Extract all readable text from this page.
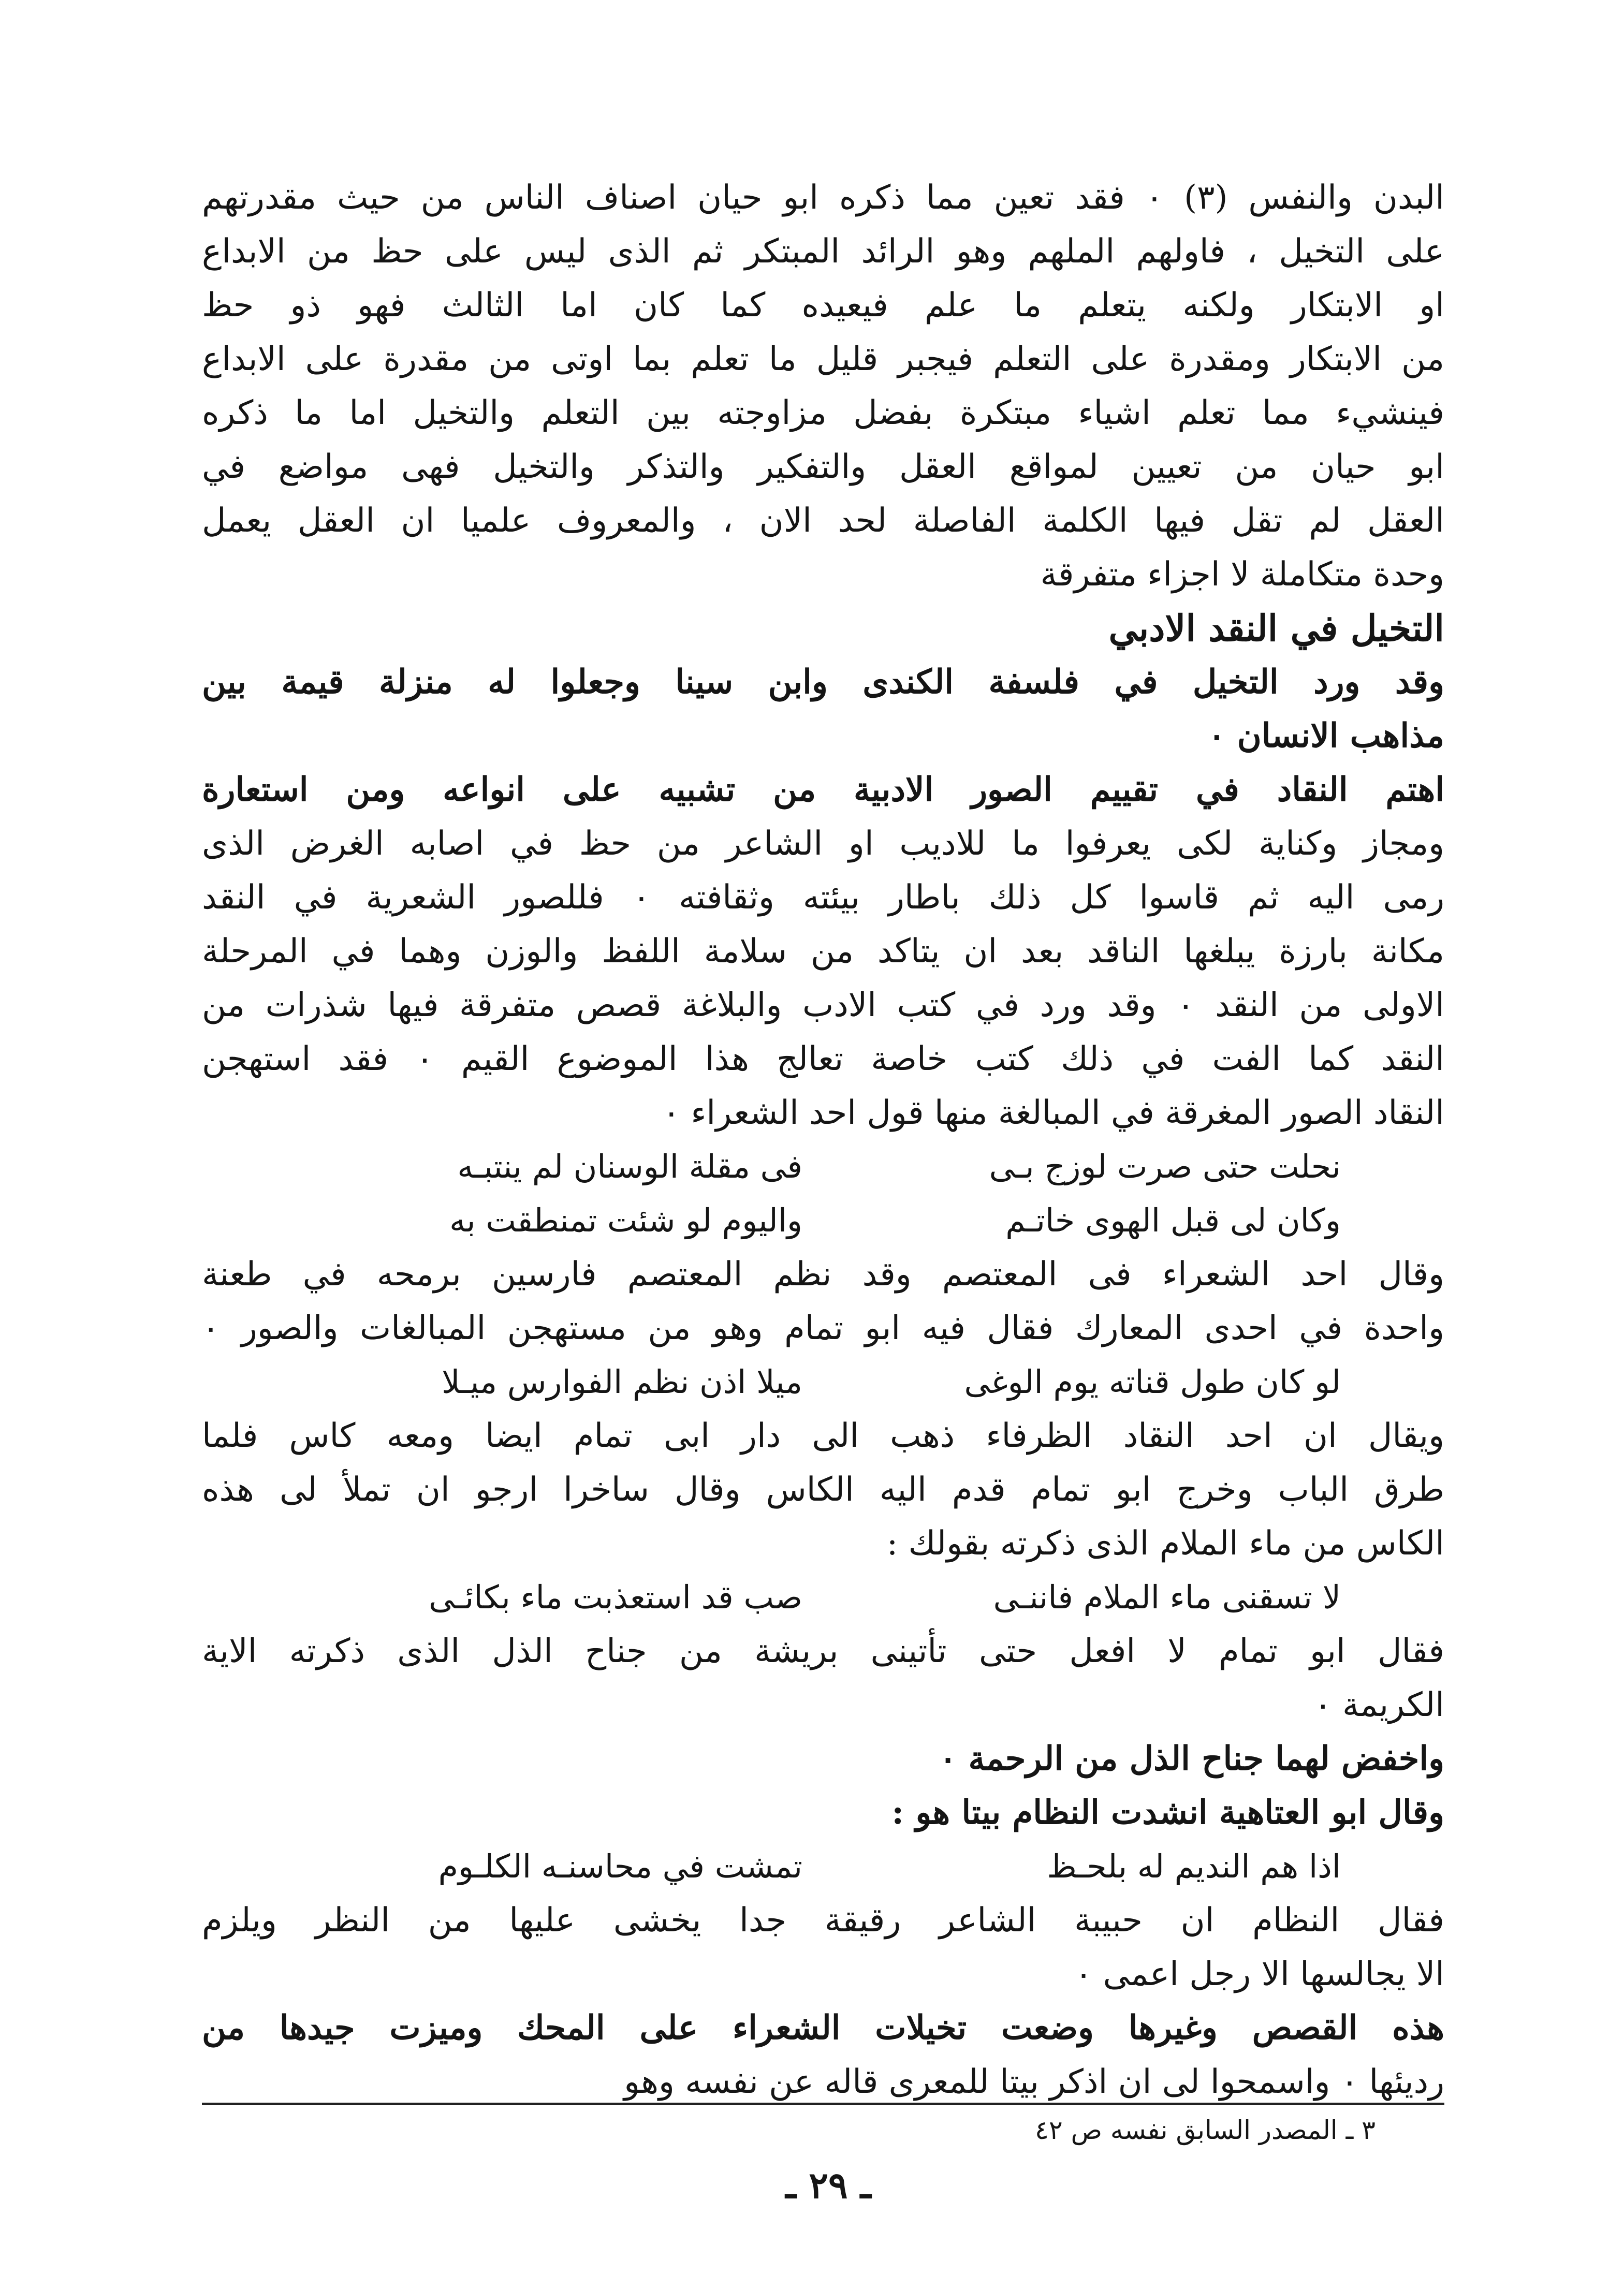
البدن والنفس (٣) ٠ فقد تعين مما ذكره ابو حيان اصناف الناس من حيث مقدرتهم
على التخيل ، فاولهم الملهم وهو الرائد المبتكر ثم الذى ليس على حظ من الابداع
او الابتكار ولكنه يتعلم ما علم فيعيده كما كان اما الثالث فهو ذو حظ
من الابتكار ومقدرة على التعلم فيجبر قليل ما تعلم بما اوتى من مقدرة على الابداع
فينشيء مما تعلم اشياء مبتكرة بفضل مزاوجته بين التعلم والتخيل اما ما ذكره
ابو حيان من تعيين لمواقع العقل والتفكير والتذكر والتخيل فهى مواضع في
العقل لم تقل فيها الكلمة الفاصلة لحد الان ، والمعروف علميا ان العقل يعمل
وحدة متكاملة لا اجزاء متفرقة
التخيل في النقد الادبي
وقد ورد التخيل في فلسفة الكندى وابن سينا وجعلوا له منزلة قيمة بين
مذاهب الانسان ٠
اهتم النقاد في تقييم الصور الادبية من تشبيه على انواعه ومن استعارة
ومجاز وكناية لكى يعرفوا ما للاديب او الشاعر من حظ في اصابه الغرض الذى
رمى اليه ثم قاسوا كل ذلك باطار بيئته وثقافته ٠ فللصور الشعرية في النقد
مكانة بارزة يبلغها الناقد بعد ان يتاكد من سلامة اللفظ والوزن وهما في المرحلة
الاولى من النقد ٠ وقد ورد في كتب الادب والبلاغة قصص متفرقة فيها شذرات من
النقد كما الفت في ذلك كتب خاصة تعالج هذا الموضوع القيم ٠ فقد استهجن
النقاد الصور المغرقة في المبالغة منها قول احد الشعراء ٠
نحلت حتى صرت لوزج بـى
فى مقلة الوسنان لم ينتبـه
وكان لى قبل الهوى خاتـم
واليوم لو شئت تمنطقت به
وقال احد الشعراء فى المعتصم وقد نظم المعتصم فارسين برمحه في طعنة
واحدة في احدى المعارك فقال فيه ابو تمام وهو من مستهجن المبالغات والصور ٠
لو كان طول قناته يوم الوغى
ميلا اذن نظم الفوارس ميـلا
ويقال ان احد النقاد الظرفاء ذهب الى دار ابى تمام ايضا ومعه كاس فلما
طرق الباب وخرج ابو تمام قدم اليه الكاس وقال ساخرا ارجو ان تملأ لى هذه
الكاس من ماء الملام الذى ذكرته بقولك :
لا تسقنى ماء الملام فاننـى
صب قد استعذبت ماء بكائـى
فقال ابو تمام لا افعل حتى تأتينى بريشة من جناح الذل الذى ذكرته الاية
الكريمة ٠
واخفض لهما جناح الذل من الرحمة ٠
وقال ابو العتاهية انشدت النظام بيتا هو :
اذا هم النديم له بلحـظ
تمشت في محاسنـه الكلـوم
فقال النظام ان حبيبة الشاعر رقيقة جدا يخشى عليها من النظر ويلزم
الا يجالسها الا رجل اعمى ٠
هذه القصص وغيرها وضعت تخيلات الشعراء على المحك وميزت جيدها من
رديئها ٠ واسمحوا لى ان اذكر بيتا للمعرى قاله عن نفسه وهو
٣ ـ المصدر السابق نفسه ص ٤٢
ـ ٢٩ ـ
